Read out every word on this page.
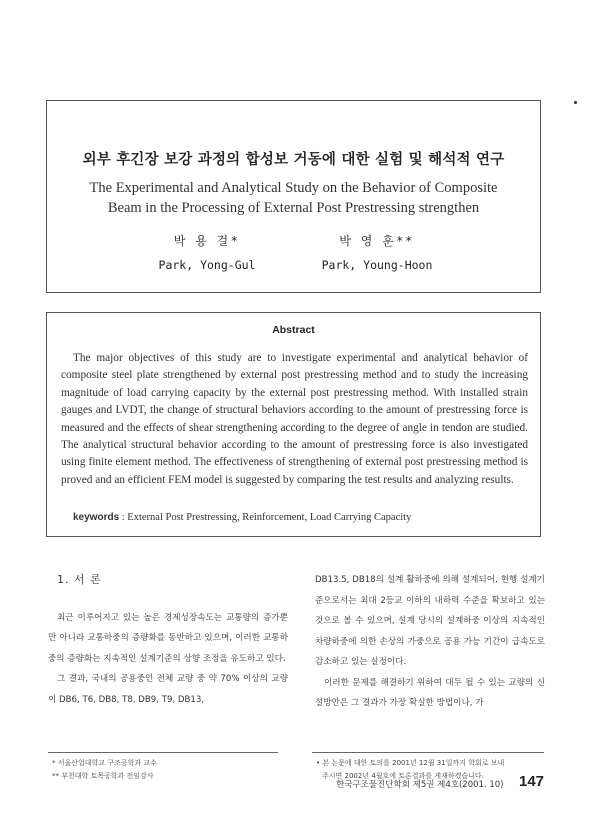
외부 후긴장 보강 과정의 합성보 거동에 대한 실험 및 해석적 연구
The Experimental and Analytical Study on the Behavior of Composite
Beam in the Processing of External Post Prestressing strengthen
박 용 걸*
Park, Yong-Gul
박 영 훈**
Park, Young-Hoon
Abstract
The major objectives of this study are to investigate experimental and analytical behavior of composite steel plate strengthened by external post prestressing method and to study the increasing magnitude of load carrying capacity by the external post prestressing method. With installed strain gauges and LVDT, the change of structural behaviors according to the amount of prestressing force is measured and the effects of shear strengthening according to the degree of angle in tendon are studied. The analytical structural behavior according to the amount of prestressing force is also investigated using finite element method. The effectiveness of strengthening of external post prestressing method is proved and an efficient FEM model is suggested by comparing the test results and analyzing results.
keywords : External Post Prestressing, Reinforcement, Load Carrying Capacity
1. 서 론

최근 이루어지고 있는 높은 경제성장속도는 교통량의 증가뿐만 아니라 교통하중의 증량화를 동반하고 있으며, 이러한 교통하중의 증량화는 지속적인 설계기준의 상향 조정을 유도하고 있다.

그 결과, 국내의 공용중인 전체 교량 중 약 70% 이상의 교량이 DB6, T6, DB8, T8, DB9, T9, DB13,

DB13.5, DB18의 설계 활하중에 의해 설계되어, 현행 설계기준으로서는 최대 2등교 이하의 내하력 수준을 확보하고 있는 것으로 볼 수 있으며, 설계 당시의 설계하중 이상의 지속적인 차량하중에 의한 손상의 가중으로 공용 가능 기간이 급속도로 감소하고 있는 실정이다.

이러한 문제를 해결하기 위하여 대두 될 수 있는 교량의 신설방안은 그 결과가 가장 확실한 방법이나, 가

* 서울산업대학교 구조공학과 교수
** 부천대학 토목공학과 전임강사
• 본 논문에 대한 토의를 2001년 12월 31일까지 학회로 보내
주시면 2002년 4월호에 토론결과를 게재하겠습니다.
한국구조물진단학회 제5권 제4호(2001. 10) 147
